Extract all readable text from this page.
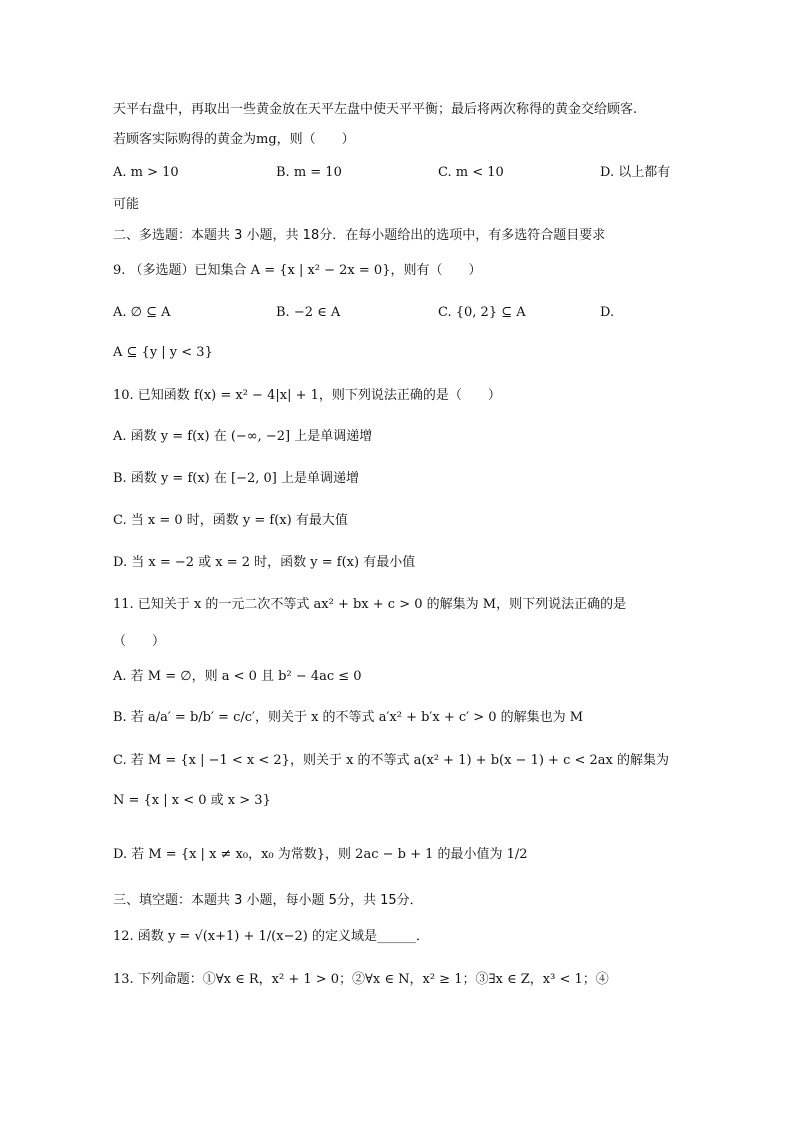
天平右盘中，再取出一些黄金放在天平左盘中使天平平衡；最后将两次称得的黄金交给顾客.
若顾客实际购得的黄金为mg，则（　　）
A. m > 10	B. m = 10	C. m < 10	D. 以上都有
可能
二、多选题：本题共 3 小题，共 18分．在每小题给出的选项中，有多选符合题目要求
9. （多选题）已知集合 A = {x | x² − 2x = 0}，则有（　　）
A. ∅ ⊆ A	B. −2 ∈ A	C. {0, 2} ⊆ A	D.
A ⊆ {y | y < 3}
10. 已知函数 f(x) = x² − 4|x| + 1，则下列说法正确的是（　　）
A. 函数 y = f(x) 在 (−∞, −2] 上是单调递增
B. 函数 y = f(x) 在 [−2, 0] 上是单调递增
C. 当 x = 0 时，函数 y = f(x) 有最大值
D. 当 x = −2 或 x = 2 时，函数 y = f(x) 有最小值
11. 已知关于 x 的一元二次不等式 ax² + bx + c > 0 的解集为 M，则下列说法正确的是
（　　）
A. 若 M = ∅，则 a < 0 且 b² − 4ac ≤ 0
B. 若 a/a′ = b/b′ = c/c′，则关于 x 的不等式 a′x² + b′x + c′ > 0 的解集也为 M
C. 若 M = {x | −1 < x < 2}，则关于 x 的不等式 a(x² + 1) + b(x − 1) + c < 2ax 的解集为
N = {x | x < 0 或 x > 3}
D. 若 M = {x | x ≠ x₀，x₀ 为常数}，则 2ac − b + 1 的最小值为 1/2
三、填空题：本题共 3 小题，每小题 5分，共 15分．
12. 函数 y = √(x+1) + 1/(x−2) 的定义域是______．
13. 下列命题：①∀x ∈ R，x² + 1 > 0；②∀x ∈ N，x² ≥ 1；③∃x ∈ Z，x³ < 1；④
